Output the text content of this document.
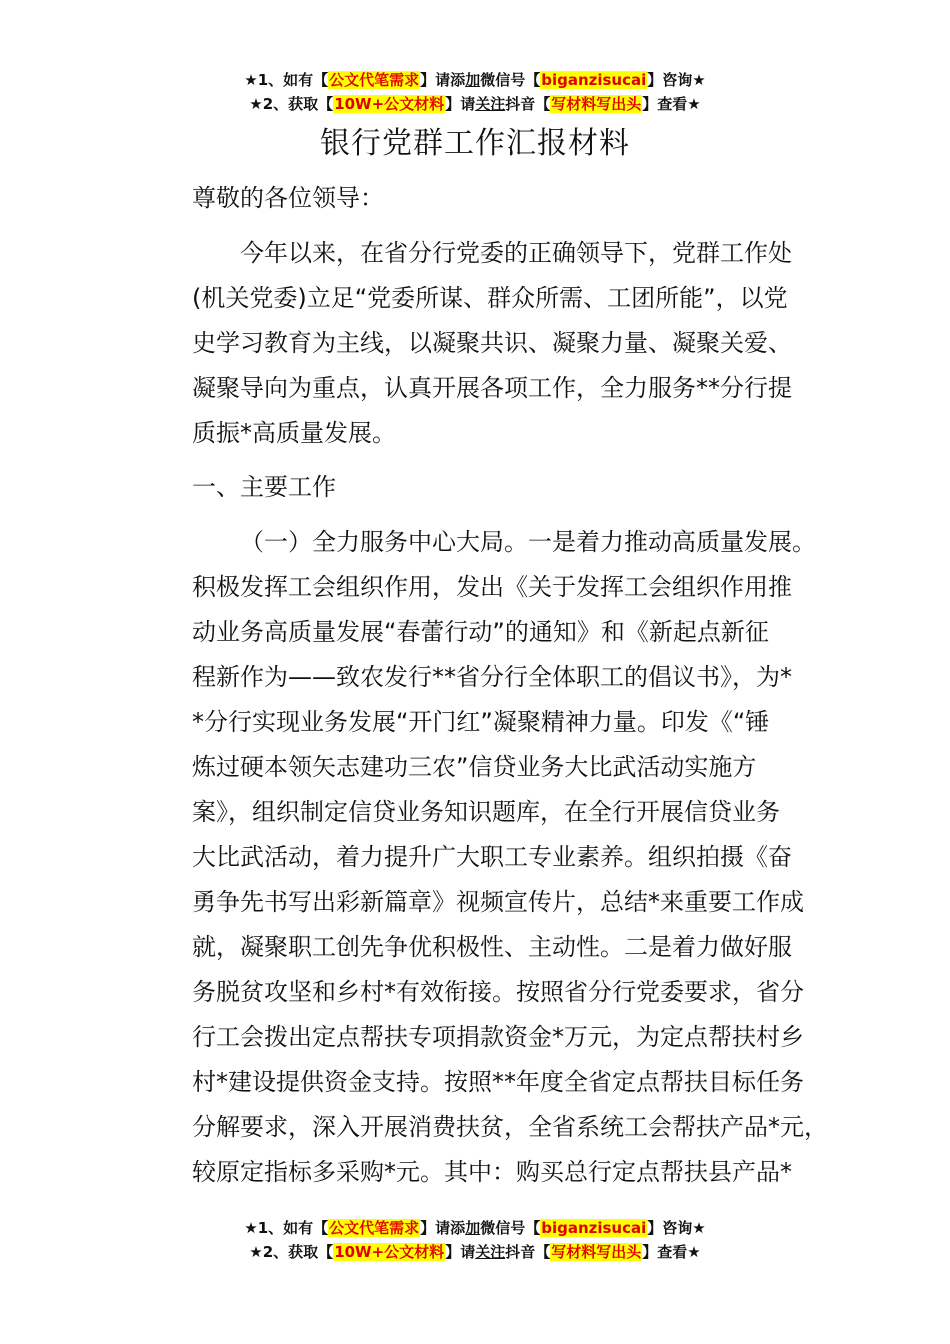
★1、如有【公文代笔需求】请添加微信号【biganzisucai】咨询★
★2、获取【10W+公文材料】请关注抖音【写材料写出头】查看★
银行党群工作汇报材料

尊敬的各位领导：

今年以来，在省分行党委的正确领导下，党群工作处
(机关党委)立足“党委所谋、群众所需、工团所能”，以党
史学习教育为主线，以凝聚共识、凝聚力量、凝聚关爱、
凝聚导向为重点，认真开展各项工作，全力服务**分行提
质振*高质量发展。

一、主要工作

（一）全力服务中心大局。一是着力推动高质量发展。
积极发挥工会组织作用，发出《关于发挥工会组织作用推
动业务高质量发展“春蕾行动”的通知》和《新起点新征
程新作为——致农发行**省分行全体职工的倡议书》，为*
*分行实现业务发展“开门红”凝聚精神力量。印发《“锤
炼过硬本领矢志建功三农”信贷业务大比武活动实施方
案》，组织制定信贷业务知识题库，在全行开展信贷业务
大比武活动，着力提升广大职工专业素养。组织拍摄《奋
勇争先书写出彩新篇章》视频宣传片，总结*来重要工作成
就，凝聚职工创先争优积极性、主动性。二是着力做好服
务脱贫攻坚和乡村*有效衔接。按照省分行党委要求，省分
行工会拨出定点帮扶专项捐款资金*万元，为定点帮扶村乡
村*建设提供资金支持。按照**年度全省定点帮扶目标任务
分解要求，深入开展消费扶贫，全省系统工会帮扶产品*元，
较原定指标多采购*元。其中：购买总行定点帮扶县产品*

★1、如有【公文代笔需求】请添加微信号【biganzisucai】咨询★
★2、获取【10W+公文材料】请关注抖音【写材料写出头】查看★
